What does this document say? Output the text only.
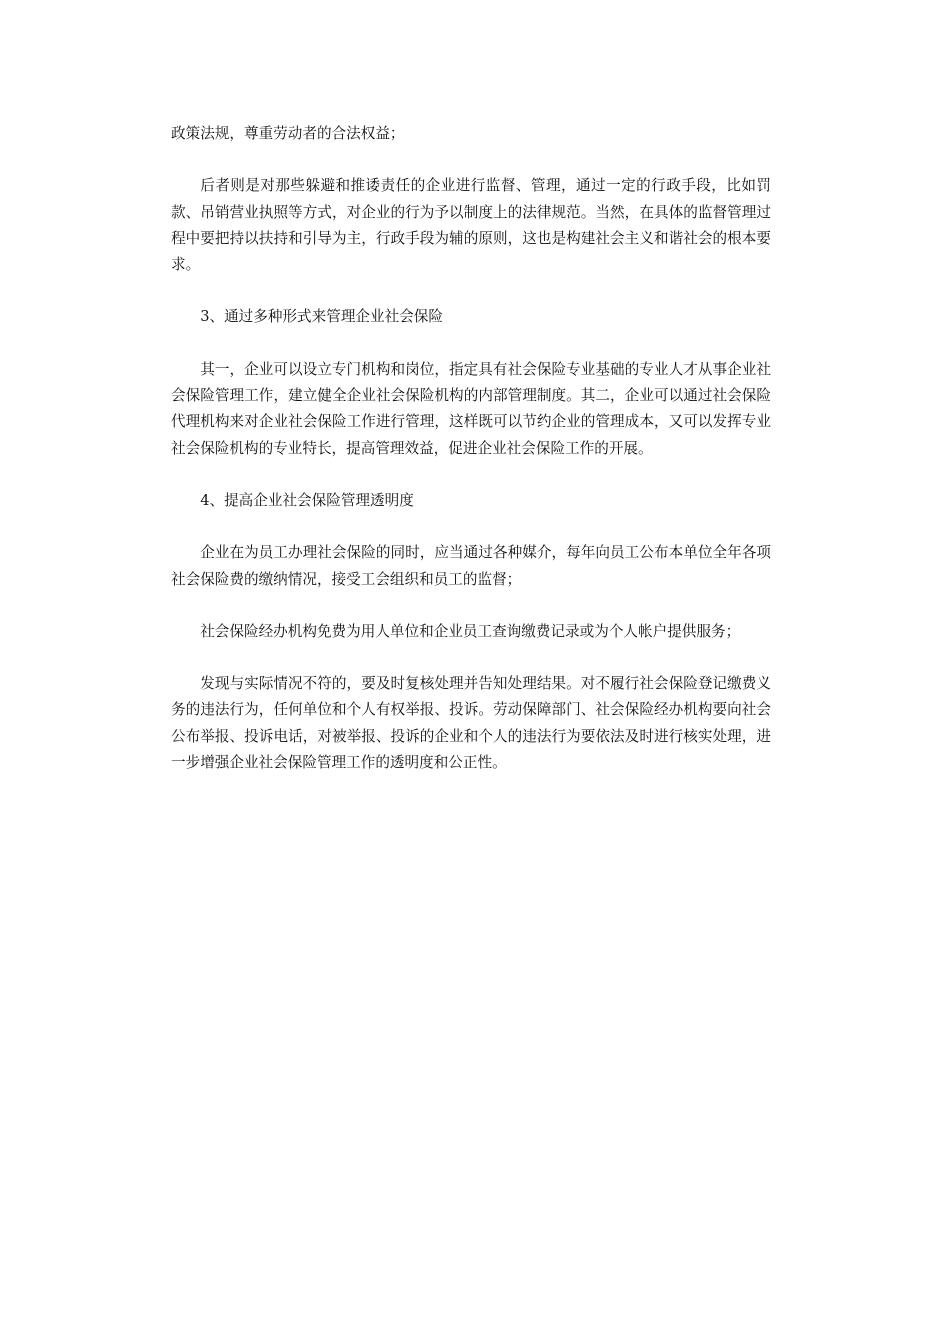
政策法规，尊重劳动者的合法权益；

后者则是对那些躲避和推诿责任的企业进行监督、管理，通过一定的行政手段，比如罚款、吊销营业执照等方式，对企业的行为予以制度上的法律规范。当然，在具体的监督管理过程中要把持以扶持和引导为主，行政手段为辅的原则，这也是构建社会主义和谐社会的根本要求。

3、通过多种形式来管理企业社会保险

其一，企业可以设立专门机构和岗位，指定具有社会保险专业基础的专业人才从事企业社会保险管理工作，建立健全企业社会保险机构的内部管理制度。其二，企业可以通过社会保险代理机构来对企业社会保险工作进行管理，这样既可以节约企业的管理成本，又可以发挥专业社会保险机构的专业特长，提高管理效益，促进企业社会保险工作的开展。

4、提高企业社会保险管理透明度

企业在为员工办理社会保险的同时，应当通过各种媒介，每年向员工公布本单位全年各项社会保险费的缴纳情况，接受工会组织和员工的监督；

社会保险经办机构免费为用人单位和企业员工查询缴费记录或为个人帐户提供服务；

发现与实际情况不符的，要及时复核处理并告知处理结果。对不履行社会保险登记缴费义务的违法行为，任何单位和个人有权举报、投诉。劳动保障部门、社会保险经办机构要向社会公布举报、投诉电话，对被举报、投诉的企业和个人的违法行为要依法及时进行核实处理，进一步增强企业社会保险管理工作的透明度和公正性。
